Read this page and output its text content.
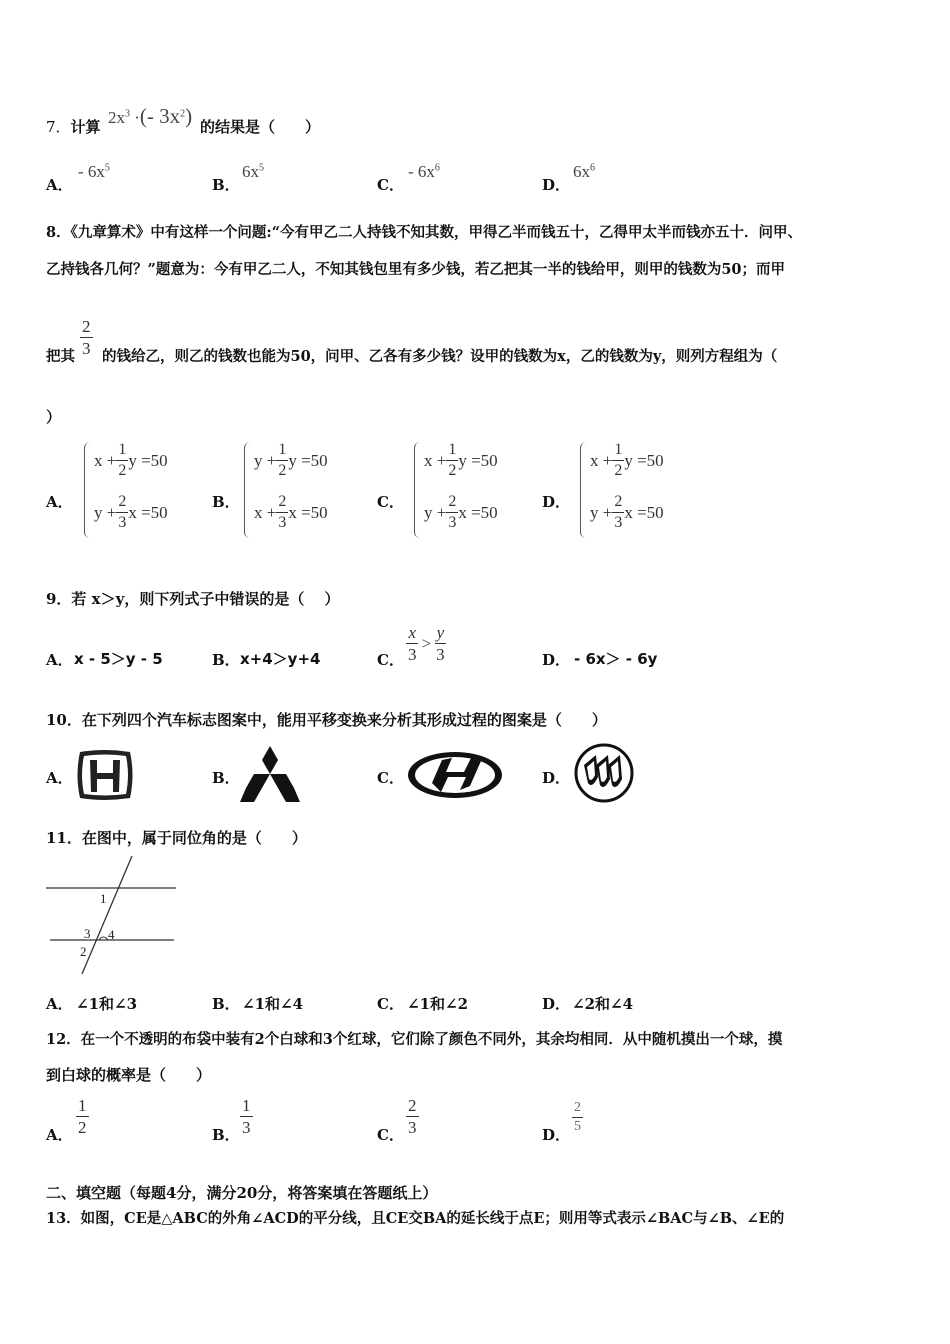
7．计算 $2x^3$ ·(- $3x^2$) 的结果是（　　）
A．
- $6x^5$
B．
$6x^5$
C．
- $6x^6$
D．
$6x^6$
8．《九章算术》中有这样一个问题:“今有甲乙二人持钱不知其数，甲得乙半而钱五十，乙得甲太半而钱亦五十．问甲、
乙持钱各几何？”题意为：今有甲乙二人，不知其钱包里有多少钱，若乙把其一半的钱给甲，则甲的钱数为50；而甲
把其 $\frac{2}{3}$ 的钱给乙，则乙的钱数也能为50，问甲、乙各有多少钱？设甲的钱数为x，乙的钱数为y，则列方程组为（
）
A．
$x + \frac{1}{2}$ y =50
$y + \frac{2}{3}$ x =50
B．
$y + \frac{1}{2}$ y =50
$x + \frac{2}{3}$ x =50
C．
$x + \frac{1}{2}$ y =50
$y + \frac{2}{3}$ x =50
D．
$x + \frac{1}{2}$ y =50
$y + \frac{2}{3}$ x =50
9．若 x＞y，则下列式子中错误的是（　 ）
A． x - 5＞y - 5	B． x+4＞y+4	C． $\frac{x}{3} > \frac{y}{3}$	D． - 6x＞ - 6y
10．在下列四个汽车标志图案中，能用平移变换来分析其形成过程的图案是（　　）
A．	B．	C．	D．
11．在图中，属于同位角的是（　　）
1
3 4
2
A． ∠1和∠3	B． ∠1和∠4	C． ∠1和∠2	D． ∠2和∠4
12．在一个不透明的布袋中装有2个白球和3个红球，它们除了颜色不同外，其余均相同．从中随机摸出一个球，摸
到白球的概率是（　　）
A． $\frac{1}{2}$	B． $\frac{1}{3}$	C． $\frac{2}{3}$	D．
$\frac{2}{5}$
二、填空题（每题4分，满分20分，将答案填在答题纸上）
13．如图，CE是△ABC的外角∠ACD的平分线，且CE交BA的延长线于点E；则用等式表示∠BAC与∠B、∠E的
